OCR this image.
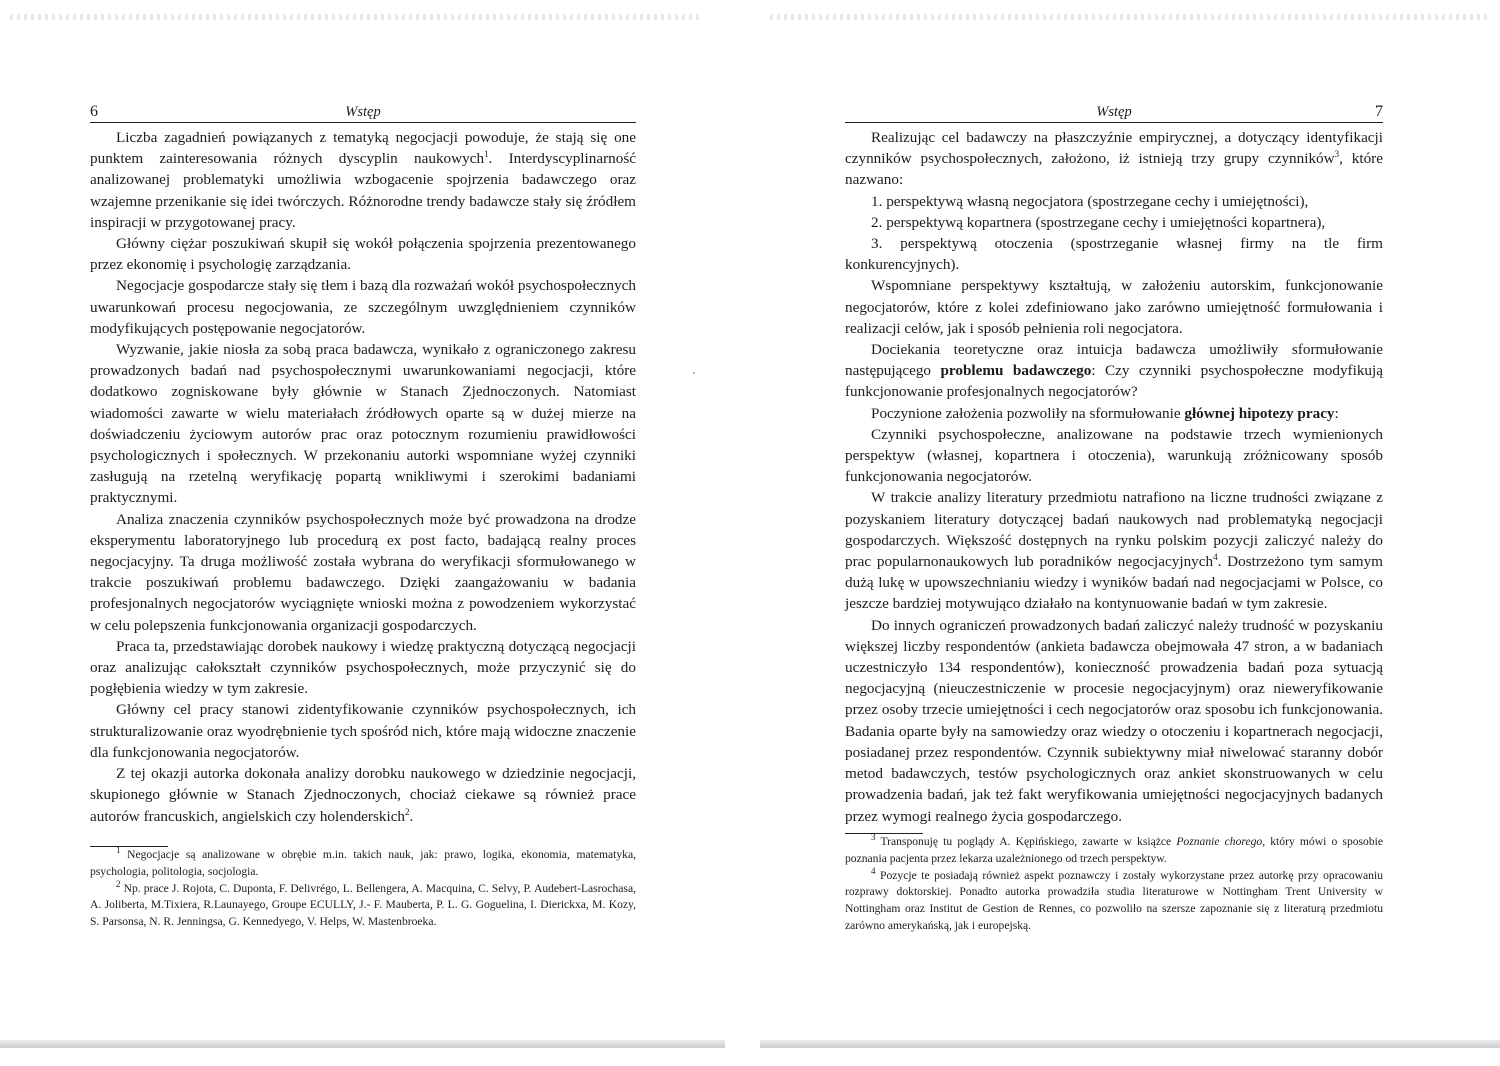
6	Wstęp

Liczba zagadnień powiązanych z tematyką negocjacji powoduje, że stają się one punktem zainteresowania różnych dyscyplin naukowych$^1$. Interdyscyplinarność analizowanej problematyki umożliwia wzbogacenie spojrzenia badawczego oraz wzajemne przenikanie się idei twórczych. Różnorodne trendy badawcze stały się źródłem inspiracji w przygotowanej pracy.

Główny ciężar poszukiwań skupił się wokół połączenia spojrzenia prezentowanego przez ekonomię i psychologię zarządzania.

Negocjacje gospodarcze stały się tłem i bazą dla rozważań wokół psychospołecznych uwarunkowań procesu negocjowania, ze szczególnym uwzględnieniem czynników modyfikujących postępowanie negocjatorów.

Wyzwanie, jakie niosła za sobą praca badawcza, wynikało z ograniczonego zakresu prowadzonych badań nad psychospołecznymi uwarunkowaniami negocjacji, które dodatkowo zogniskowane były głównie w Stanach Zjednoczonych. Natomiast wiadomości zawarte w wielu materiałach źródłowych oparte są w dużej mierze na doświadczeniu życiowym autorów prac oraz potocznym rozumieniu prawidłowości psychologicznych i społecznych. W przekonaniu autorki wspomniane wyżej czynniki zasługują na rzetelną weryfikację popartą wnikliwymi i szerokimi badaniami praktycznymi.

Analiza znaczenia czynników psychospołecznych może być prowadzona na drodze eksperymentu laboratoryjnego lub procedurą ex post facto, badającą realny proces negocjacyjny. Ta druga możliwość została wybrana do weryfikacji sformułowanego w trakcie poszukiwań problemu badawczego. Dzięki zaangażowaniu w badania profesjonalnych negocjatorów wyciągnięte wnioski można z powodzeniem wykorzystać w celu polepszenia funkcjonowania organizacji gospodarczych.

Praca ta, przedstawiając dorobek naukowy i wiedzę praktyczną dotyczącą negocjacji oraz analizując całokształt czynników psychospołecznych, może przyczynić się do pogłębienia wiedzy w tym zakresie.

Główny cel pracy stanowi zidentyfikowanie czynników psychospołecznych, ich strukturalizowanie oraz wyodrębnienie tych spośród nich, które mają widoczne znaczenie dla funkcjonowania negocjatorów.

Z tej okazji autorka dokonała analizy dorobku naukowego w dziedzinie negocjacji, skupionego głównie w Stanach Zjednoczonych, chociaż ciekawe są również prace autorów francuskich, angielskich czy holenderskich$^2$.

$^1$ Negocjacje są analizowane w obrębie m.in. takich nauk, jak: prawo, logika, ekonomia, matematyka, psychologia, politologia, socjologia.

$^2$ Np. prace J. Rojota, C. Duponta, F. Delivrégo, L. Bellengera, A. Macquina, C. Selvy, P. Audebert-Lasrochasa, A. Joliberta, M.Tixiera, R.Launayego, Groupe ECULLY, J.- F. Mauberta, P. L. G. Goguelina, I. Dierickxa, M. Kozy, S. Parsonsa, N. R. Jenningsa, G. Kennedyego, V. Helps, W. Mastenbroeka.

Wstęp	7

Realizując cel badawczy na płaszczyźnie empirycznej, a dotyczący identyfikacji czynników psychospołecznych, założono, iż istnieją trzy grupy czynników$^3$, które nazwano:

1. perspektywą własną negocjatora (spostrzegane cechy i umiejętności),

2. perspektywą kopartnera (spostrzegane cechy i umiejętności kopartnera),

3. perspektywą otoczenia (spostrzeganie własnej firmy na tle firm konkurencyjnych).

Wspomniane perspektywy kształtują, w założeniu autorskim, funkcjonowanie negocjatorów, które z kolei zdefiniowano jako zarówno umiejętność formułowania i realizacji celów, jak i sposób pełnienia roli negocjatora.

Dociekania teoretyczne oraz intuicja badawcza umożliwiły sformułowanie następującego problemu badawczego: Czy czynniki psychospołeczne modyfikują funkcjonowanie profesjonalnych negocjatorów?

Poczynione założenia pozwoliły na sformułowanie głównej hipotezy pracy:

Czynniki psychospołeczne, analizowane na podstawie trzech wymienionych perspektyw (własnej, kopartnera i otoczenia), warunkują zróżnicowany sposób funkcjonowania negocjatorów.

W trakcie analizy literatury przedmiotu natrafiono na liczne trudności związane z pozyskaniem literatury dotyczącej badań naukowych nad problematyką negocjacji gospodarczych. Większość dostępnych na rynku polskim pozycji zaliczyć należy do prac popularnonaukowych lub poradników negocjacyjnych$^4$. Dostrzeżono tym samym dużą lukę w upowszechnianiu wiedzy i wyników badań nad negocjacjami w Polsce, co jeszcze bardziej motywująco działało na kontynuowanie badań w tym zakresie.

Do innych ograniczeń prowadzonych badań zaliczyć należy trudność w pozyskaniu większej liczby respondentów (ankieta badawcza obejmowała 47 stron, a w badaniach uczestniczyło 134 respondentów), konieczność prowadzenia badań poza sytuacją negocjacyjną (nieuczestniczenie w procesie negocjacyjnym) oraz nieweryfikowanie przez osoby trzecie umiejętności i cech negocjatorów oraz sposobu ich funkcjonowania. Badania oparte były na samowiedzy oraz wiedzy o otoczeniu i kopartnerach negocjacji, posiadanej przez respondentów. Czynnik subiektywny miał niwelować staranny dobór metod badawczych, testów psychologicznych oraz ankiet skonstruowanych w celu prowadzenia badań, jak też fakt weryfikowania umiejętności negocjacyjnych badanych przez wymogi realnego życia gospodarczego.

$^3$ Transponuję tu poglądy A. Kępińskiego, zawarte w książce Poznanie chorego, który mówi o sposobie poznania pacjenta przez lekarza uzależnionego od trzech perspektyw.

$^4$ Pozycje te posiadają również aspekt poznawczy i zostały wykorzystane przez autorkę przy opracowaniu rozprawy doktorskiej. Ponadto autorka prowadziła studia literaturowe w Nottingham Trent University w Nottingham oraz Institut de Gestion de Rennes, co pozwoliło na szersze zapoznanie się z literaturą przedmiotu zarówno amerykańską, jak i europejską.
